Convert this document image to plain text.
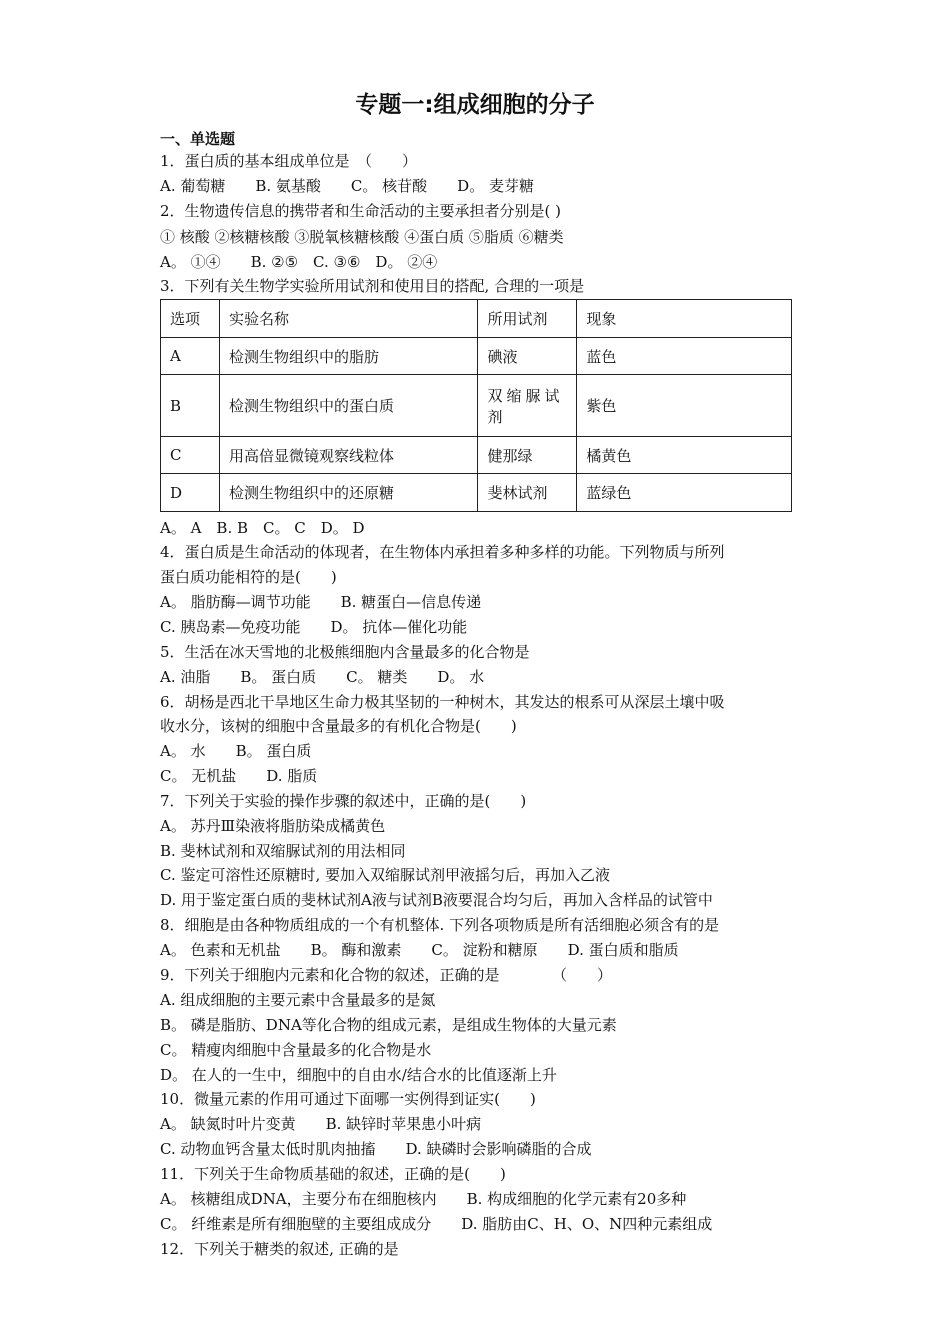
专题一:组成细胞的分子
一、单选题
1．蛋白质的基本组成单位是　（　　）
A. 葡萄糖　　B. 氨基酸　　C。 核苷酸　　D。 麦芽糖
2．生物遗传信息的携带者和生命活动的主要承担者分别是( )
① 核酸 ②核糖核酸 ③脱氧核糖核酸 ④蛋白质 ⑤脂质 ⑥糖类
A。 ①④　　B. ②⑤　C. ③⑥　D。 ②④
3．下列有关生物学实验所用试剂和使用目的搭配, 合理的一项是
选项	实验名称	所用试剂	现象
A	检测生物组织中的脂肪	碘液	蓝色
B	检测生物组织中的蛋白质	双缩脲试剂	紫色
C	用高倍显微镜观察线粒体	健那绿	橘黄色
D	检测生物组织中的还原糖	斐林试剂	蓝绿色
A。 A　B. B　C。 C　D。 D
4．蛋白质是生命活动的体现者，在生物体内承担着多种多样的功能。下列物质与所列
蛋白质功能相符的是(　　)
A。 脂肪酶—调节功能　　B. 糖蛋白—信息传递
C. 胰岛素—免疫功能　　D。 抗体—催化功能
5．生活在冰天雪地的北极熊细胞内含量最多的化合物是
A. 油脂　　B。 蛋白质　　C。 糖类　　D。 水
6．胡杨是西北干旱地区生命力极其坚韧的一种树木，其发达的根系可从深层土壤中吸
收水分，该树的细胞中含量最多的有机化合物是(　　)
A。 水　　B。 蛋白质
C。 无机盐　　D. 脂质
7．下列关于实验的操作步骤的叙述中，正确的是(　　)
A。 苏丹Ⅲ染液将脂肪染成橘黄色
B. 斐林试剂和双缩脲试剂的用法相同
C. 鉴定可溶性还原糖时, 要加入双缩脲试剂甲液摇匀后，再加入乙液
D. 用于鉴定蛋白质的斐林试剂A液与试剂B液要混合均匀后，再加入含样品的试管中
8．细胞是由各种物质组成的一个有机整体. 下列各项物质是所有活细胞必须含有的是
A。 色素和无机盐　　B。 酶和激素　　C。 淀粉和糖原　　D. 蛋白质和脂质
9．下列关于细胞内元素和化合物的叙述，正确的是　　　　（　　）
A. 组成细胞的主要元素中含量最多的是氮
B。 磷是脂肪、DNA等化合物的组成元素，是组成生物体的大量元素
C。 精瘦肉细胞中含量最多的化合物是水
D。 在人的一生中，细胞中的自由水/结合水的比值逐渐上升
10．微量元素的作用可通过下面哪一实例得到证实(　　)
A。 缺氮时叶片变黄　　B. 缺锌时苹果患小叶病
C. 动物血钙含量太低时肌肉抽搐　　D. 缺磷时会影响磷脂的合成
11．下列关于生命物质基础的叙述，正确的是(　　)
A。 核糖组成DNA，主要分布在细胞核内　　B. 构成细胞的化学元素有20多种
C。 纤维素是所有细胞壁的主要组成成分　　D. 脂肪由C、H、O、N四种元素组成
12．下列关于糖类的叙述, 正确的是
